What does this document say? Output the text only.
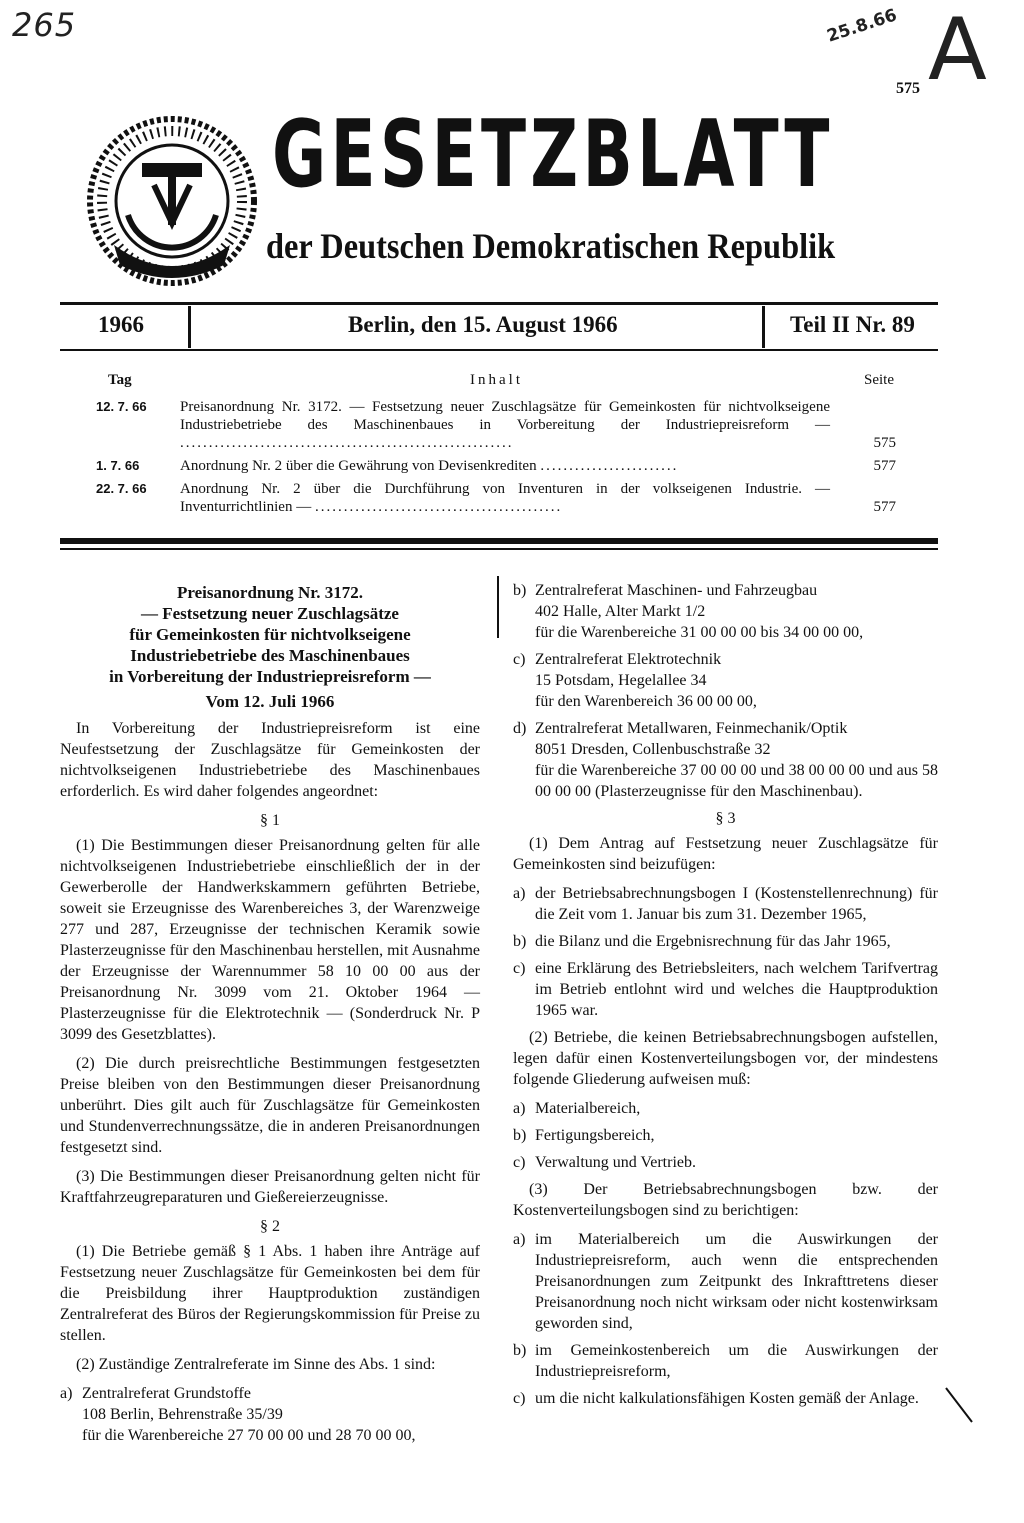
265	25.8.66 A
575
GESETZBLATT
der Deutschen Demokratischen Republik
1966	Berlin, den 15. August 1966	Teil II Nr. 89
Tag	Inhalt	Seite
12. 7. 66	Preisanordnung Nr. 3172. — Festsetzung neuer Zuschlagsätze für Gemeinkosten für nichtvolkseigene Industriebetriebe des Maschinenbaues in Vorbereitung der Industriepreisreform — ..........................................................	575
1. 7. 66	Anordnung Nr. 2 über die Gewährung von Devisenkrediten ........................	577
22. 7. 66	Anordnung Nr. 2 über die Durchführung von Inventuren in der volkseigenen Industrie. — Inventurrichtlinien — ...........................................	577
Preisanordnung Nr. 3172.
— Festsetzung neuer Zuschlagsätze
für Gemeinkosten für nichtvolkseigene
Industriebetriebe des Maschinenbaues
in Vorbereitung der Industriepreisreform —
Vom 12. Juli 1966

In Vorbereitung der Industriepreisreform ist eine Neufestsetzung der Zuschlagsätze für Gemeinkosten der nichtvolkseigenen Industriebetriebe des Maschinenbaues erforderlich. Es wird daher folgendes angeordnet:

§ 1

(1) Die Bestimmungen dieser Preisanordnung gelten für alle nichtvolkseigenen Industriebetriebe einschließlich der in der Gewerberolle der Handwerkskammern geführten Betriebe, soweit sie Erzeugnisse des Warenbereiches 3, der Warenzweige 277 und 287, Erzeugnisse der technischen Keramik sowie Plasterzeugnisse für den Maschinenbau herstellen, mit Ausnahme der Erzeugnisse der Warennummer 58 10 00 00 aus der Preisanordnung Nr. 3099 vom 21. Oktober 1964 — Plasterzeugnisse für die Elektrotechnik — (Sonderdruck Nr. P 3099 des Gesetzblattes).

(2) Die durch preisrechtliche Bestimmungen festgesetzten Preise bleiben von den Bestimmungen dieser Preisanordnung unberührt. Dies gilt auch für Zuschlagsätze für Gemeinkosten und Stundenverrechnungssätze, die in anderen Preisanordnungen festgesetzt sind.

(3) Die Bestimmungen dieser Preisanordnung gelten nicht für Kraftfahrzeugreparaturen und Gießereierzeugnisse.

§ 2

(1) Die Betriebe gemäß § 1 Abs. 1 haben ihre Anträge auf Festsetzung neuer Zuschlagsätze für Gemeinkosten bei dem für die Preisbildung ihrer Hauptproduktion zuständigen Zentralreferat des Büros der Regierungskommission für Preise zu stellen.

(2) Zuständige Zentralreferate im Sinne des Abs. 1 sind:

a) Zentralreferat Grundstoffe
108 Berlin, Behrenstraße 35/39
für die Warenbereiche 27 70 00 00 und 28 70 00 00,
b) Zentralreferat Maschinen- und Fahrzeugbau
402 Halle, Alter Markt 1/2
für die Warenbereiche 31 00 00 00 bis 34 00 00 00,
c) Zentralreferat Elektrotechnik
15 Potsdam, Hegelallee 34
für den Warenbereich 36 00 00 00,
d) Zentralreferat Metallwaren, Feinmechanik/Optik
8051 Dresden, Collenbuschstraße 32
für die Warenbereiche 37 00 00 00 und 38 00 00 00 und aus 58 00 00 00 (Plasterzeugnisse für den Maschinenbau).
§ 3

(1) Dem Antrag auf Festsetzung neuer Zuschlagsätze für Gemeinkosten sind beizufügen:

a) der Betriebsabrechnungsbogen I (Kostenstellenrechnung) für die Zeit vom 1. Januar bis zum 31. Dezember 1965,
b) die Bilanz und die Ergebnisrechnung für das Jahr 1965,
c) eine Erklärung des Betriebsleiters, nach welchem Tarifvertrag im Betrieb entlohnt wird und welches die Hauptproduktion 1965 war.

(2) Betriebe, die keinen Betriebsabrechnungsbogen aufstellen, legen dafür einen Kostenverteilungsbogen vor, der mindestens folgende Gliederung aufweisen muß:

a) Materialbereich,
b) Fertigungsbereich,
c) Verwaltung und Vertrieb.

(3) Der Betriebsabrechnungsbogen bzw. der Kostenverteilungsbogen sind zu berichtigen:

a) im Materialbereich um die Auswirkungen der Industriepreisreform, auch wenn die entsprechenden Preisanordnungen zum Zeitpunkt des Inkrafttretens dieser Preisanordnung noch nicht wirksam oder nicht kostenwirksam geworden sind,
b) im Gemeinkostenbereich um die Auswirkungen der Industriepreisreform,
c) um die nicht kalkulationsfähigen Kosten gemäß der Anlage.
